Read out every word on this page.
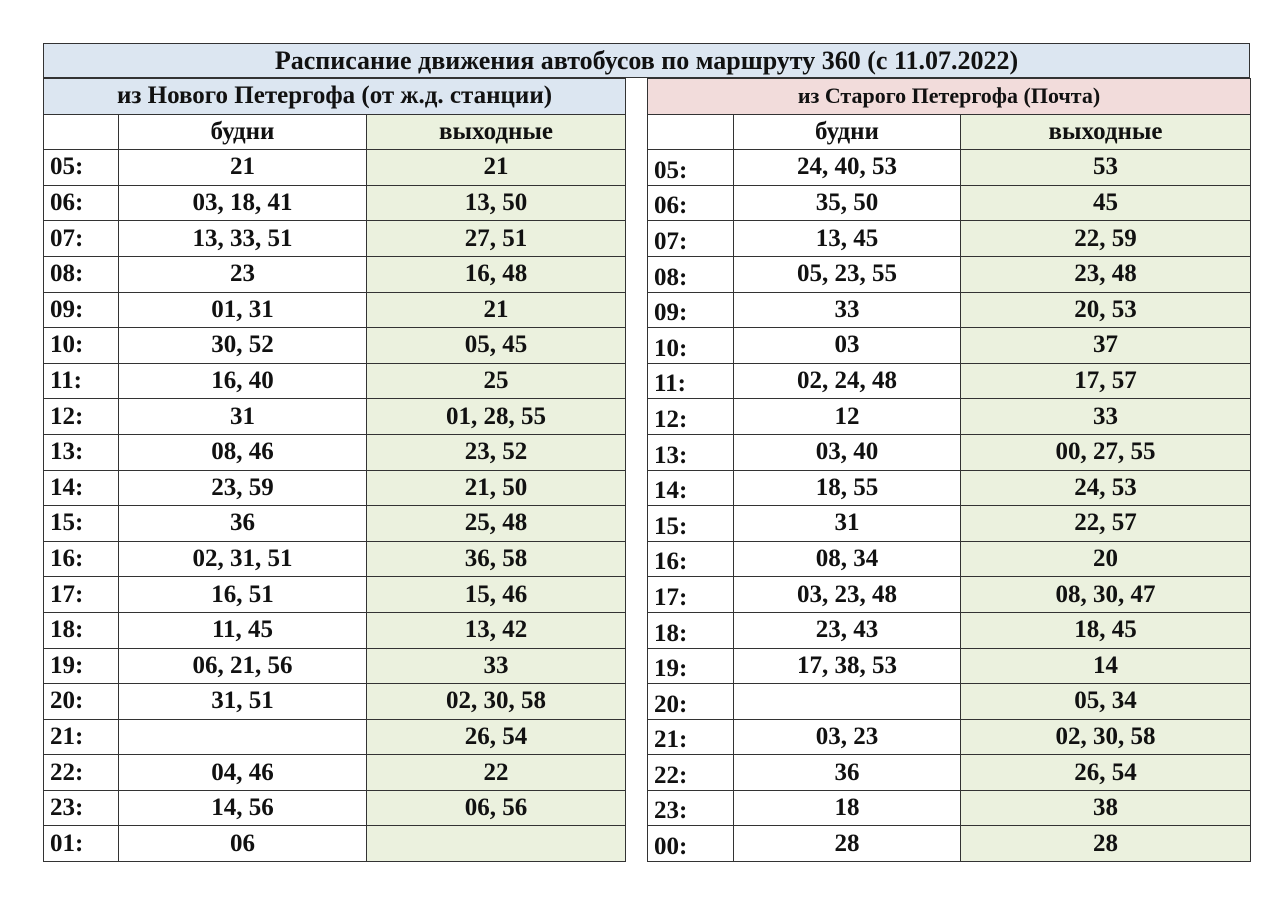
Расписание движения автобусов по маршруту 360 (с 11.07.2022)
из Нового Петергофа (от ж.д. станции)		
	будни	выходные
05:	21	21
06:	03, 18, 41	13, 50
07:	13, 33, 51	27, 51
08:	23	16, 48
09:	01, 31	21
10:	30, 52	05, 45
11:	16, 40	25
12:	31	01, 28, 55
13:	08, 46	23, 52
14:	23, 59	21, 50
15:	36	25, 48
16:	02, 31, 51	36, 58
17:	16, 51	15, 46
18:	11, 45	13, 42
19:	06, 21, 56	33
20:	31, 51	02, 30, 58
21:		26, 54
22:	04, 46	22
23:	14, 56	06, 56
01:	06	
из Старого Петергофа (Почта)		
	будни	выходные
05:	24, 40, 53	53
06:	35, 50	45
07:	13, 45	22, 59
08:	05, 23, 55	23, 48
09:	33	20, 53
10:	03	37
11:	02, 24, 48	17, 57
12:	12	33
13:	03, 40	00, 27, 55
14:	18, 55	24, 53
15:	31	22, 57
16:	08, 34	20
17:	03, 23, 48	08, 30, 47
18:	23, 43	18, 45
19:	17, 38, 53	14
20:		05, 34
21:	03, 23	02, 30, 58
22:	36	26, 54
23:	18	38
00:	28	28
